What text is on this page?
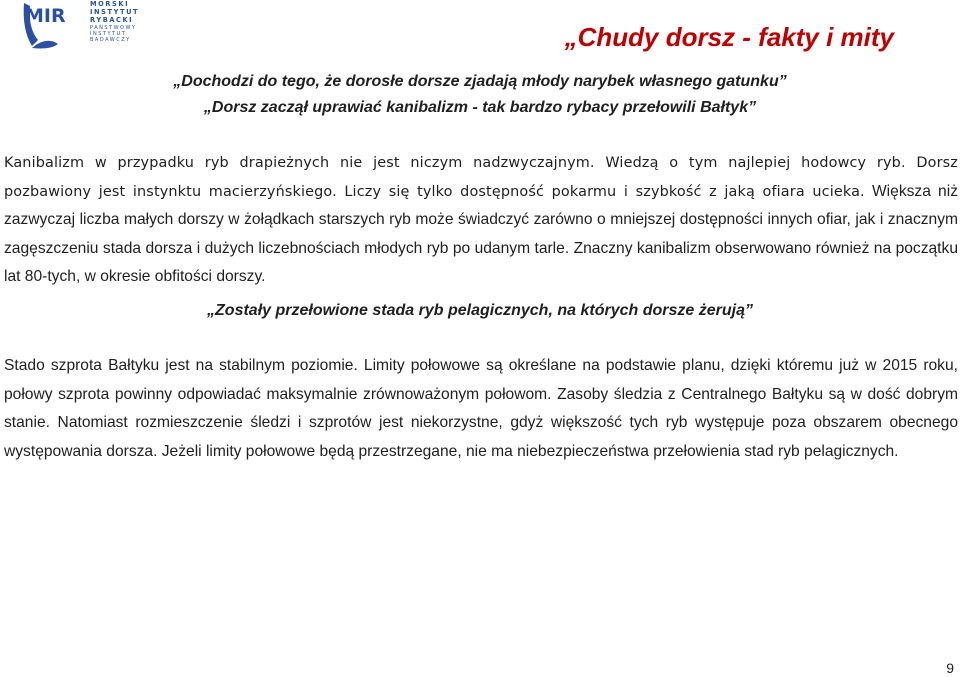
MIR
MORSKI
INSTYTUT
RYBACKI
PAŃSTWOWY
INSTYTUT
BADAWCZY	„Chudy dorsz - fakty i mity
„Dochodzi do tego, że dorosłe dorsze zjadają młody narybek własnego gatunku”
„Dorsz zaczął uprawiać kanibalizm - tak bardzo rybacy przełowili Bałtyk”
Kanibalizm w przypadku ryb drapieżnych nie jest niczym nadzwyczajnym. Wiedzą o tym najlepiej hodowcy ryb. Dorsz pozbawiony jest instynktu macierzyńskiego. Liczy się tylko dostępność pokarmu i szybkość z jaką ofiara ucieka. Większa niż zazwyczaj liczba małych dorszy w żołądkach starszych ryb może świadczyć zarówno o mniejszej dostępności innych ofiar, jak i znacznym zagęszczeniu stada dorsza i dużych liczebnościach młodych ryb po udanym tarle. Znaczny kanibalizm obserwowano również na początku lat 80-tych, w okresie obfitości dorszy.
„Zostały przełowione stada ryb pelagicznych, na których dorsze żerują”
Stado szprota Bałtyku jest na stabilnym poziomie. Limity połowowe są określane na podstawie planu, dzięki któremu już w 2015 roku, połowy szprota powinny odpowiadać maksymalnie zrównoważonym połowom. Zasoby śledzia z Centralnego Bałtyku są w dość dobrym stanie. Natomiast rozmieszczenie śledzi i szprotów jest niekorzystne, gdyż większość tych ryb występuje poza obszarem obecnego występowania dorsza. Jeżeli limity połowowe będą przestrzegane, nie ma niebezpieczeństwa przełowienia stad ryb pelagicznych.
9
